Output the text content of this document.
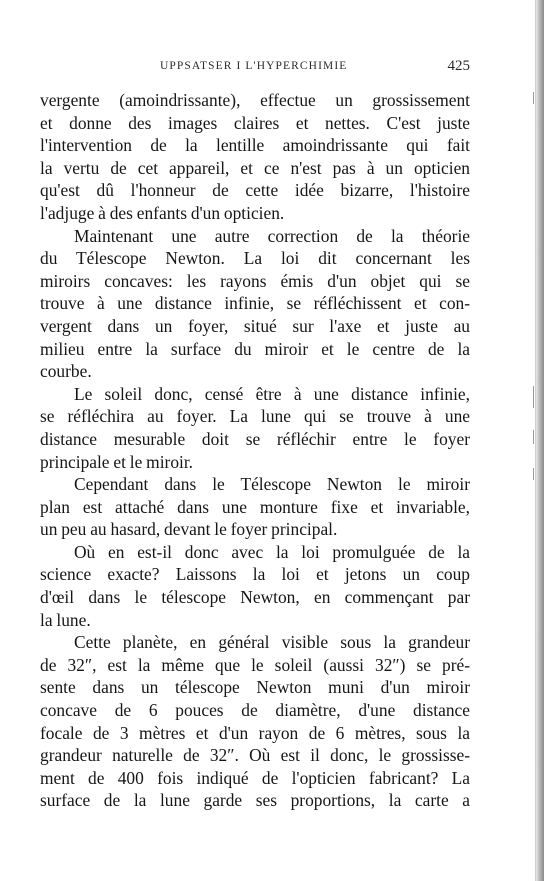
UPPSATSER I L'HYPERCHIMIE	425

vergente (amoindrissante), effectue un grossissement

et donne des images claires et nettes. C'est juste

l'intervention de la lentille amoindrissante qui fait

la vertu de cet appareil, et ce n'est pas à un opticien

qu'est dû l'honneur de cette idée bizarre, l'histoire

l'adjuge à des enfants d'un opticien.

Maintenant une autre correction de la théorie

du Télescope Newton. La loi dit concernant les

miroirs concaves: les rayons émis d'un objet qui se

trouve à une distance infinie, se réfléchissent et con-

vergent dans un foyer, situé sur l'axe et juste au

milieu entre la surface du miroir et le centre de la

courbe.

Le soleil donc, censé être à une distance infinie,

se réfléchira au foyer. La lune qui se trouve à une

distance mesurable doit se réfléchir entre le foyer

principale et le miroir.

Cependant dans le Télescope Newton le miroir

plan est attaché dans une monture fixe et invariable,

un peu au hasard, devant le foyer principal.

Où en est-il donc avec la loi promulguée de la

science exacte? Laissons la loi et jetons un coup

d'œil dans le télescope Newton, en commençant par

la lune.

Cette planète, en général visible sous la grandeur

de 32″, est la même que le soleil (aussi 32″) se pré-

sente dans un télescope Newton muni d'un miroir

concave de 6 pouces de diamètre, d'une distance

focale de 3 mètres et d'un rayon de 6 mètres, sous la

grandeur naturelle de 32″. Où est il donc, le grossisse-

ment de 400 fois indiqué de l'opticien fabricant? La

surface de la lune garde ses proportions, la carte a
